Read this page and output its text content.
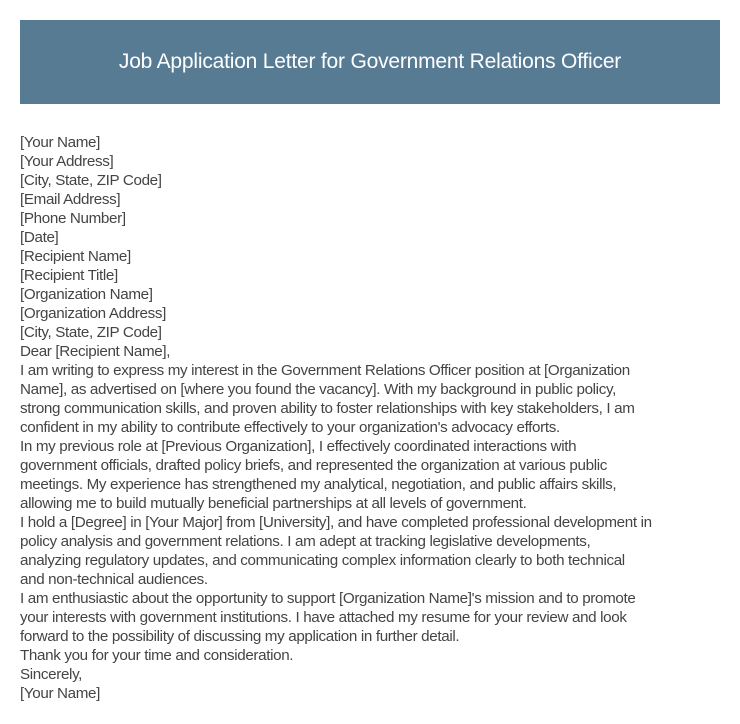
Job Application Letter for Government Relations Officer
[Your Name]
[Your Address]
[City, State, ZIP Code]
[Email Address]
[Phone Number]
[Date]
[Recipient Name]
[Recipient Title]
[Organization Name]
[Organization Address]
[City, State, ZIP Code]
Dear [Recipient Name],
I am writing to express my interest in the Government Relations Officer position at [Organization
Name], as advertised on [where you found the vacancy]. With my background in public policy,
strong communication skills, and proven ability to foster relationships with key stakeholders, I am
confident in my ability to contribute effectively to your organization's advocacy efforts.
In my previous role at [Previous Organization], I effectively coordinated interactions with
government officials, drafted policy briefs, and represented the organization at various public
meetings. My experience has strengthened my analytical, negotiation, and public affairs skills,
allowing me to build mutually beneficial partnerships at all levels of government.
I hold a [Degree] in [Your Major] from [University], and have completed professional development in
policy analysis and government relations. I am adept at tracking legislative developments,
analyzing regulatory updates, and communicating complex information clearly to both technical
and non-technical audiences.
I am enthusiastic about the opportunity to support [Organization Name]'s mission and to promote
your interests with government institutions. I have attached my resume for your review and look
forward to the possibility of discussing my application in further detail.
Thank you for your time and consideration.
Sincerely,
[Your Name]
